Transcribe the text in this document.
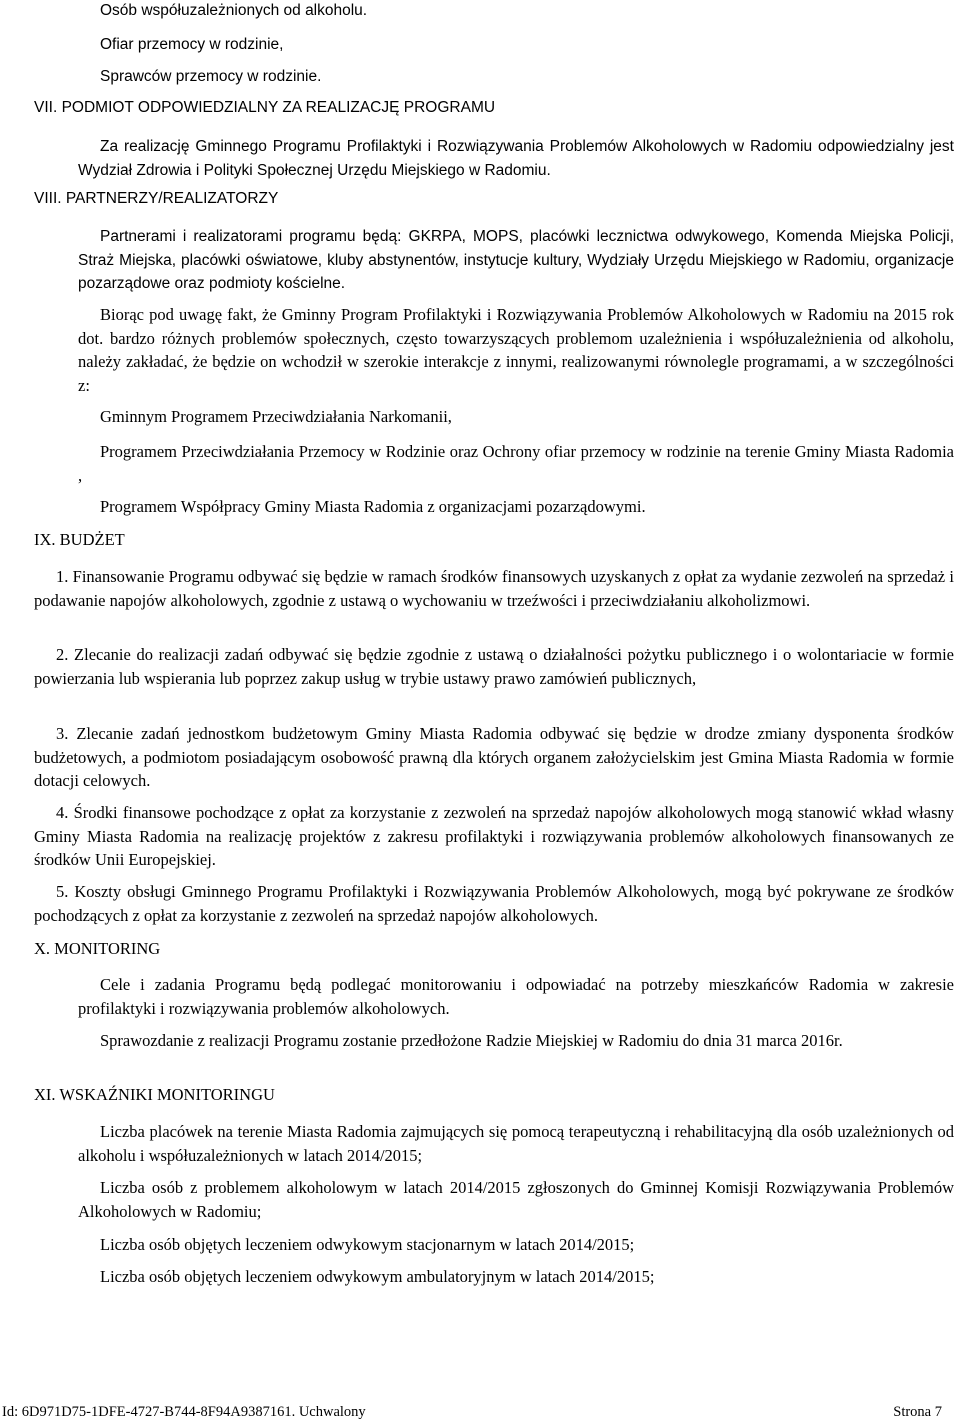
Osób współuzależnionych od alkoholu.
Ofiar przemocy w rodzinie,
Sprawców przemocy w rodzinie.
VII. PODMIOT ODPOWIEDZIALNY ZA REALIZACJĘ PROGRAMU

Za realizację Gminnego Programu Profilaktyki i Rozwiązywania Problemów Alkoholowych w Radomiu odpowiedzialny jest Wydział Zdrowia i Polityki Społecznej Urzędu Miejskiego w Radomiu.

VIII. PARTNERZY/REALIZATORZY

Partnerami i realizatorami programu będą: GKRPA, MOPS, placówki lecznictwa odwykowego, Komenda Miejska Policji, Straż Miejska, placówki oświatowe, kluby abstynentów, instytucje kultury, Wydziały Urzędu Miejskiego w Radomiu, organizacje pozarządowe oraz podmioty kościelne.

Biorąc pod uwagę fakt, że Gminny Program Profilaktyki i Rozwiązywania Problemów Alkoholowych w Radomiu na 2015 rok dot. bardzo różnych problemów społecznych, często towarzyszących problemom uzależnienia i współuzależnienia od alkoholu, należy zakładać, że będzie on wchodził w szerokie interakcje z innymi, realizowanymi równolegle programami, a w szczególności z:

Gminnym Programem Przeciwdziałania Narkomanii,

Programem Przeciwdziałania Przemocy w Rodzinie oraz Ochrony ofiar przemocy w rodzinie na terenie Gminy Miasta Radomia ,

Programem Współpracy Gminy Miasta Radomia z organizacjami pozarządowymi.
IX. BUDŻET

1. Finansowanie Programu odbywać się będzie w ramach środków finansowych uzyskanych z opłat za wydanie zezwoleń na sprzedaż i podawanie napojów alkoholowych, zgodnie z ustawą o wychowaniu w trzeźwości i przeciwdziałaniu alkoholizmowi.

2. Zlecanie do realizacji zadań odbywać się będzie zgodnie z ustawą o działalności pożytku publicznego i o wolontariacie w formie powierzania lub wspierania lub poprzez zakup usług w trybie ustawy prawo zamówień publicznych,

3. Zlecanie zadań jednostkom budżetowym Gminy Miasta Radomia odbywać się będzie w drodze zmiany dysponenta środków budżetowych, a podmiotom posiadającym osobowość prawną dla których organem założycielskim jest Gmina Miasta Radomia w formie dotacji celowych.

4. Środki finansowe pochodzące z opłat za korzystanie z zezwoleń na sprzedaż napojów alkoholowych mogą stanowić wkład własny Gminy Miasta Radomia na realizację projektów z zakresu profilaktyki i rozwiązywania problemów alkoholowych finansowanych ze środków Unii Europejskiej.

5. Koszty obsługi Gminnego Programu Profilaktyki i Rozwiązywania Problemów Alkoholowych, mogą być pokrywane ze środków pochodzących z opłat za korzystanie z zezwoleń na sprzedaż napojów alkoholowych.

X. MONITORING

Cele i zadania Programu będą podlegać monitorowaniu i odpowiadać na potrzeby mieszkańców Radomia w zakresie profilaktyki i rozwiązywania problemów alkoholowych.

Sprawozdanie z realizacji Programu zostanie przedłożone Radzie Miejskiej w Radomiu do dnia 31 marca 2016r.

XI. WSKAŹNIKI MONITORINGU

Liczba placówek na terenie Miasta Radomia zajmujących się pomocą terapeutyczną i rehabilitacyjną dla osób uzależnionych od alkoholu i współuzależnionych w latach 2014/2015;

Liczba osób z problemem alkoholowym w latach 2014/2015 zgłoszonych do Gminnej Komisji Rozwiązywania Problemów Alkoholowych w Radomiu;

Liczba osób objętych leczeniem odwykowym stacjonarnym w latach 2014/2015;
Liczba osób objętych leczeniem odwykowym ambulatoryjnym w latach 2014/2015;
Id: 6D971D75-1DFE-4727-B744-8F94A9387161. Uchwalony	Strona 7
